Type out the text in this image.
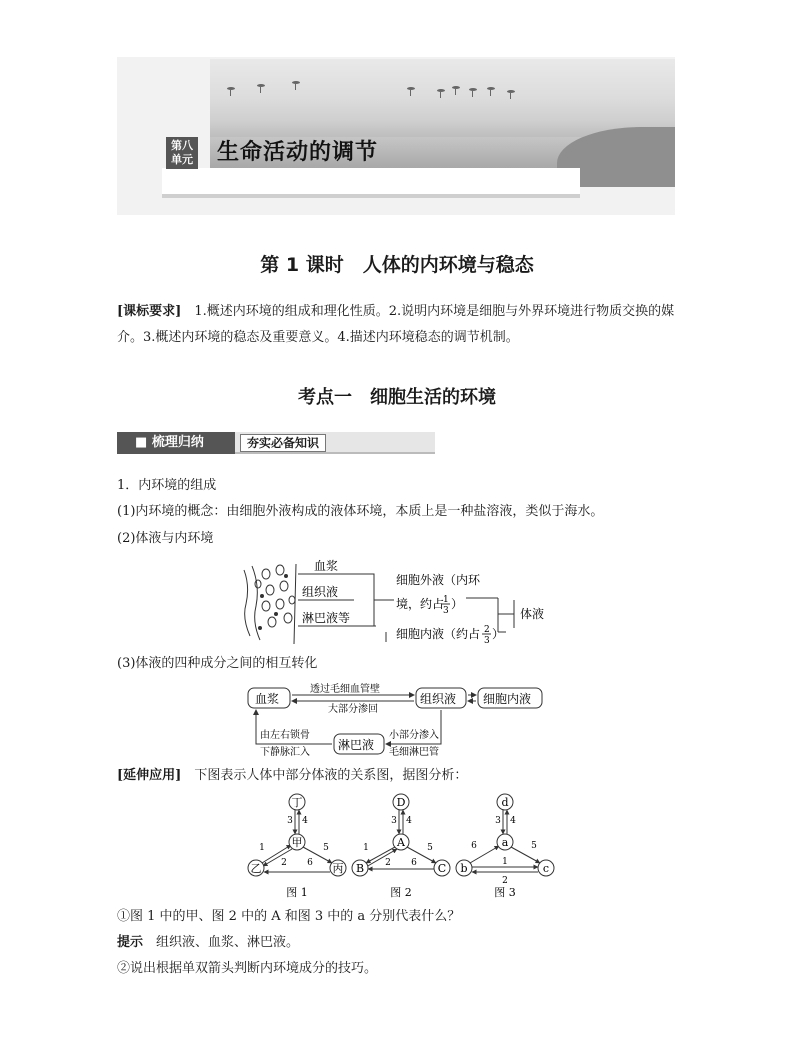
第八
单元 生命活动的调节
第 1 课时　人体的内环境与稳态
[课标要求]　1.概述内环境的组成和理化性质。2.说明内环境是细胞与外界环境进行物质交换的媒介。3.概述内环境的稳态及重要意义。4.描述内环境稳态的调节机制。
考点一　细胞生活的环境
■ 梳理归纳	夯实必备知识
1．内环境的组成
(1)内环境的概念：由细胞外液构成的液体环境，本质上是一种盐溶液，类似于海水。
(2)体液与内环境
血浆
组织液
淋巴液等
细胞外液（内环
境，约占
1
3 ）
细胞内液（约占 2
3 ）
体液
(3)体液的四种成分之间的相互转化
血浆	组织液 细胞内液
淋巴液
透过毛细血管壁
大部分渗回
小部分渗入
毛细淋巴管
由左右锁骨
下静脉汇入
[延伸应用]　下图表示人体中部分体液的关系图，据图分析：
丁
甲
乙	丙
3 4
1
2 6
5
图 1
D
A
B	C
3 4
1
2 6
5
图 2
d
a
b	c
3 4
6	5
1
2
图 3
①图 1 中的甲、图 2 中的 A 和图 3 中的 a 分别代表什么？
提示　组织液、血浆、淋巴液。
②说出根据单双箭头判断内环境成分的技巧。
